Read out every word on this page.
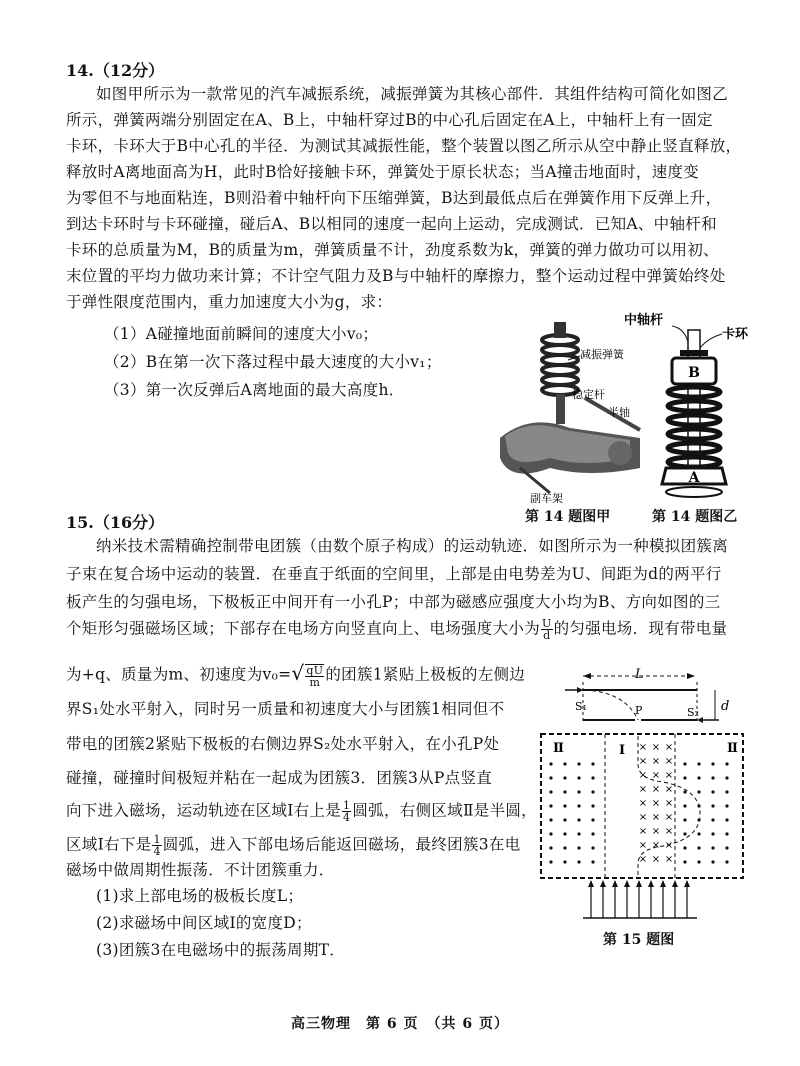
14.（12分）
如图甲所示为一款常见的汽车减振系统，减振弹簧为其核心部件．其组件结构可简化如图乙
所示，弹簧两端分别固定在A、B上，中轴杆穿过B的中心孔后固定在A上，中轴杆上有一固定
卡环，卡环大于B中心孔的半径．为测试其减振性能，整个装置以图乙所示从空中静止竖直释放，
释放时A离地面高为H，此时B恰好接触卡环，弹簧处于原长状态；当A撞击地面时，速度变
为零但不与地面粘连，B则沿着中轴杆向下压缩弹簧，B达到最低点后在弹簧作用下反弹上升，
到达卡环时与卡环碰撞，碰后A、B以相同的速度一起向上运动，完成测试．已知A、中轴杆和
卡环的总质量为M，B的质量为m，弹簧质量不计，劲度系数为k，弹簧的弹力做功可以用初、
末位置的平均力做功来计算；不计空气阻力及B与中轴杆的摩擦力，整个运动过程中弹簧始终处
于弹性限度范围内，重力加速度大小为g，求：
（1）A碰撞地面前瞬间的速度大小v₀；
（2）B在第一次下落过程中最大速度的大小v₁；
（3）第一次反弹后A离地面的最大高度h．
减振弹簧
稳定杆
半轴
副车架
中轴杆
卡环
B
A
第 14 题图甲	第 14 题图乙
15.（16分）
纳米技术需精确控制带电团簇（由数个原子构成）的运动轨迹．如图所示为一种模拟团簇离
子束在复合场中运动的装置．在垂直于纸面的空间里，上部是由电势差为U、间距为d的两平行
板产生的匀强电场，下极板正中间开有一小孔P；中部为磁感应强度大小均为B、方向如图的三
个矩形匀强磁场区域；下部存在电场方向竖直向上、电场强度大小为 $\frac{U}{d}$ 的匀强电场．现有带电量
为+q、质量为m、初速度为$v_0=√ \frac{qU}{m}$ 的团簇1紧贴上极板的左侧边
界S₁处水平射入，同时另一质量和初速度大小与团簇1相同但不
带电的团簇2紧贴下极板的右侧边界S₂处水平射入，在小孔P处
碰撞，碰撞时间极短并粘在一起成为团簇3．团簇3从P点竖直
向下进入磁场，运动轨迹在区域Ⅰ右上是 $\frac{1}{4}$ 圆弧，右侧区域Ⅱ是半圆，
区域Ⅰ右下是 $\frac{1}{4}$ 圆弧，进入下部电场后能返回磁场，最终团簇3在电
磁场中做周期性振荡．不计团簇重力．
(1)求上部电场的极板长度L；
(2)求磁场中间区域Ⅰ的宽度D；
(3)团簇3在电磁场中的振荡周期T．
L
d
S₁	S₂
P
Ⅱ	Ⅰ	Ⅱ
× × ×
× × ×
× × ×
× × ×
× × ×
× × ×
× × ×
× × ×
× × ×
第 15 题图
高三物理　第 6 页　（共 6 页）
